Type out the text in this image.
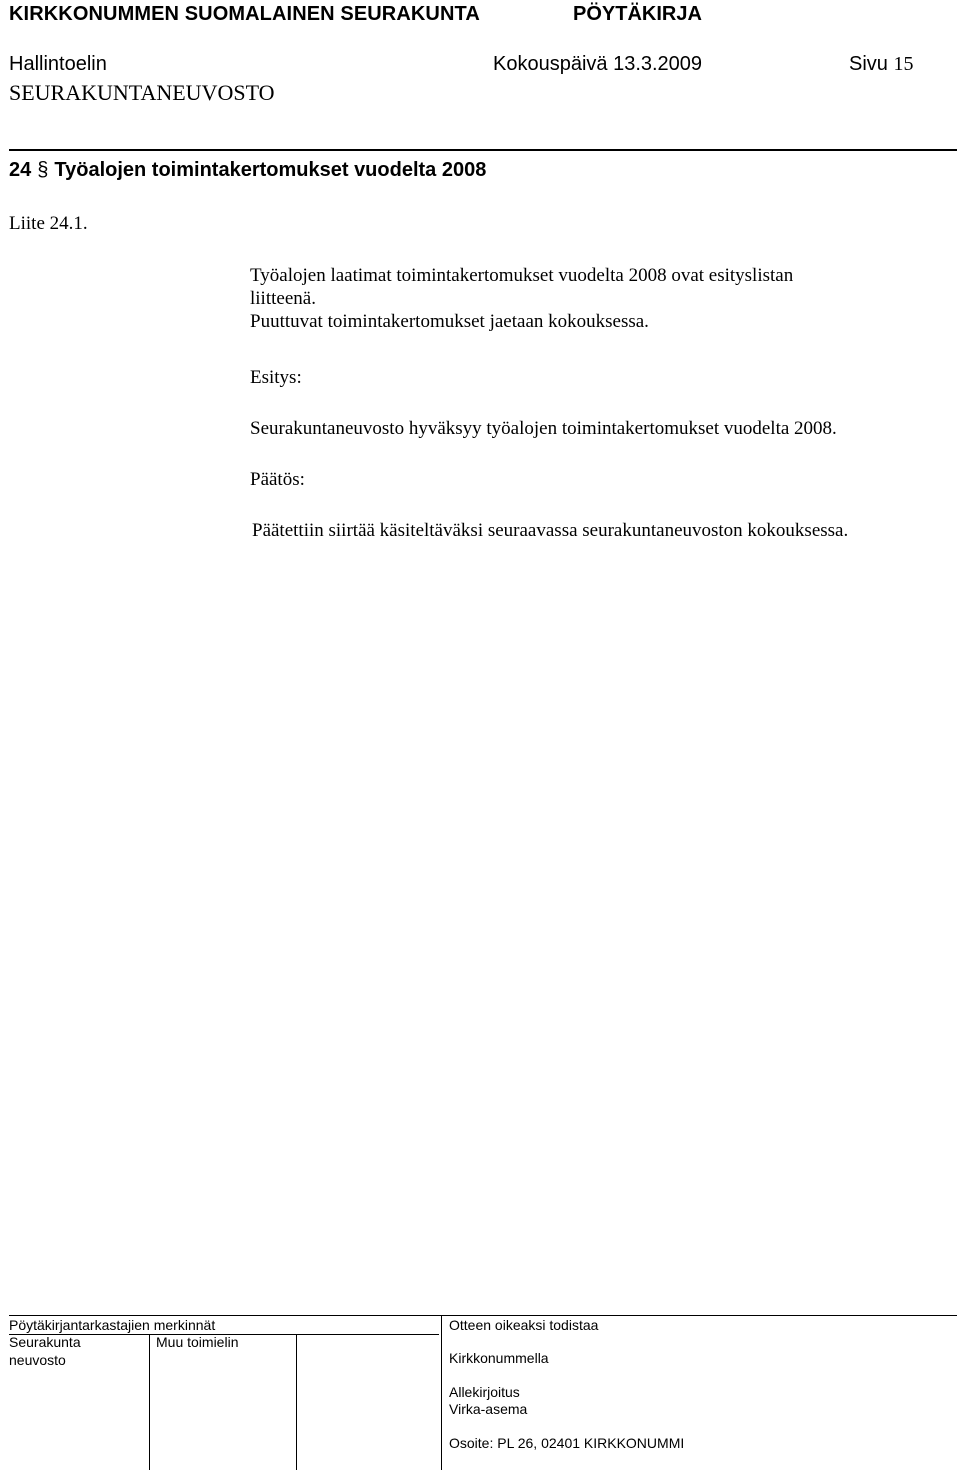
KIRKKONUMMEN SUOMALAINEN SEURAKUNTA	PÖYTÄKIRJA
Hallintoelin	Kokouspäivä 13.3.2009	Sivu 15
SEURAKUNTANEUVOSTO
24 § Työalojen toimintakertomukset vuodelta 2008
Liite 24.1.

Työalojen laatimat toimintakertomukset vuodelta 2008 ovat esityslistan

liitteenä.

Puuttuvat toimintakertomukset jaetaan kokouksessa.

Esitys:
Seurakuntaneuvosto hyväksyy työalojen toimintakertomukset vuodelta 2008.
Päätös:
Päätettiin siirtää käsiteltäväksi seuraavassa seurakuntaneuvoston kokouksessa.
Pöytäkirjantarkastajien merkinnät
Seurakunta
neuvosto
Muu toimielin
Otteen oikeaksi todistaa
Kirkkonummella
Allekirjoitus
Virka-asema
Osoite: PL 26, 02401 KIRKKONUMMI
